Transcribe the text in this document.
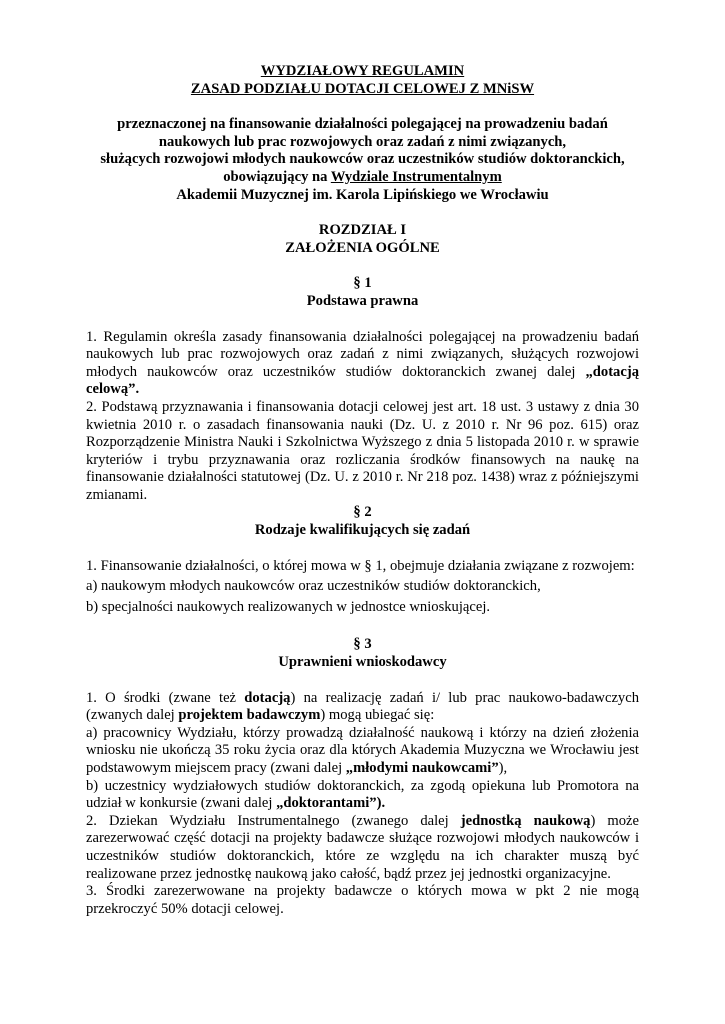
WYDZIAŁOWY REGULAMIN
ZASAD PODZIAŁU DOTACJI CELOWEJ Z MNiSW
przeznaczonej na finansowanie działalności polegającej na prowadzeniu badań
naukowych lub prac rozwojowych oraz zadań z nimi związanych,
służących rozwojowi młodych naukowców oraz uczestników studiów doktoranckich,
obowiązujący na Wydziale Instrumentalnym
Akademii Muzycznej im. Karola Lipińskiego we Wrocławiu
ROZDZIAŁ I
ZAŁOŻENIA OGÓLNE
§ 1
Podstawa prawna

1. Regulamin określa zasady finansowania działalności polegającej na prowadzeniu badań naukowych lub prac rozwojowych oraz zadań z nimi związanych, służących rozwojowi młodych naukowców oraz uczestników studiów doktoranckich zwanej dalej „dotacją celową”.

2. Podstawą przyznawania i finansowania dotacji celowej jest art. 18 ust. 3 ustawy z dnia 30 kwietnia 2010 r. o zasadach finansowania nauki (Dz. U. z 2010 r. Nr 96 poz. 615) oraz Rozporządzenie Ministra Nauki i Szkolnictwa Wyższego z dnia 5 listopada 2010 r. w sprawie kryteriów i trybu przyznawania oraz rozliczania środków finansowych na naukę na finansowanie działalności statutowej (Dz. U. z 2010 r. Nr 218 poz. 1438) wraz z późniejszymi zmianami.

§ 2
Rodzaje kwalifikujących się zadań

1. Finansowanie działalności, o której mowa w § 1, obejmuje działania związane z rozwojem:

a) naukowym młodych naukowców oraz uczestników studiów doktoranckich,

b) specjalności naukowych realizowanych w jednostce wnioskującej.

§ 3
Uprawnieni wnioskodawcy

1. O środki (zwane też dotacją) na realizację zadań i/ lub prac naukowo-badawczych (zwanych dalej projektem badawczym) mogą ubiegać się:

a) pracownicy Wydziału, którzy prowadzą działalność naukową i którzy na dzień złożenia wniosku nie ukończą 35 roku życia oraz dla których Akademia Muzyczna we Wrocławiu jest podstawowym miejscem pracy (zwani dalej „młodymi naukowcami”),

b) uczestnicy wydziałowych studiów doktoranckich, za zgodą opiekuna lub Promotora na udział w konkursie (zwani dalej „doktorantami”).

2. Dziekan Wydziału Instrumentalnego (zwanego dalej jednostką naukową) może zarezerwować część dotacji na projekty badawcze służące rozwojowi młodych naukowców i uczestników studiów doktoranckich, które ze względu na ich charakter muszą być realizowane przez jednostkę naukową jako całość, bądź przez jej jednostki organizacyjne.

3. Środki zarezerwowane na projekty badawcze o których mowa w pkt 2 nie mogą przekroczyć 50% dotacji celowej.
